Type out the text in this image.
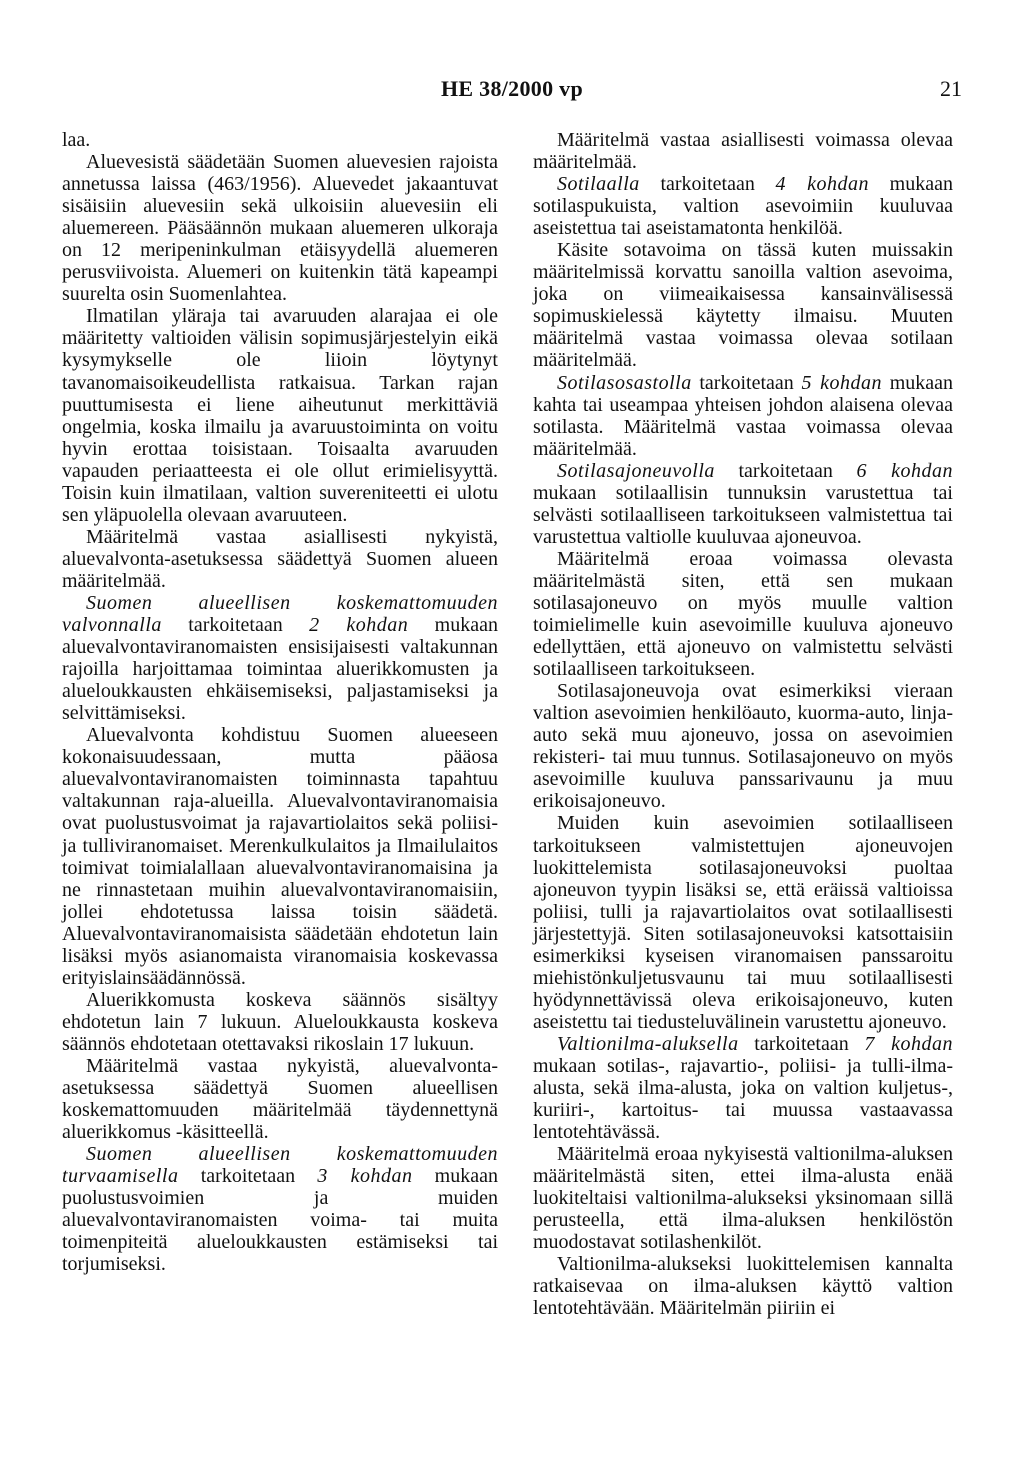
HE 38/2000 vp	21

laa.

Aluevesistä säädetään Suomen aluevesien rajoista annetussa laissa (463/1956). Aluevedet jakaantuvat sisäisiin aluevesiin sekä ulkoisiin aluevesiin eli aluemereen. Pääsäännön mukaan aluemeren ulkoraja on 12 meripeninkulman etäisyydellä aluemeren perusviivoista. Aluemeri on kuitenkin tätä kapeampi suurelta osin Suomenlahtea.

Ilmatilan yläraja tai avaruuden alarajaa ei ole määritetty valtioiden välisin sopimusjärjestelyin eikä kysymykselle ole liioin löytynyt tavanomaisoikeudellista ratkaisua. Tarkan rajan puuttumisesta ei liene aiheutunut merkittäviä ongelmia, koska ilmailu ja avaruustoiminta on voitu hyvin erottaa toisistaan. Toisaalta avaruuden vapauden periaatteesta ei ole ollut erimielisyyttä. Toisin kuin ilmatilaan, valtion suvereniteetti ei ulotu sen yläpuolella olevaan avaruuteen.

Määritelmä vastaa asiallisesti nykyistä, aluevalvonta-asetuksessa säädettyä Suomen alueen määritelmää.

Suomen alueellisen koskemattomuuden valvonnalla tarkoitetaan 2 kohdan mukaan aluevalvontaviranomaisten ensisijaisesti valtakunnan rajoilla harjoittamaa toimintaa aluerikkomusten ja alueloukkausten ehkäisemiseksi, paljastamiseksi ja selvittämiseksi.

Aluevalvonta kohdistuu Suomen alueeseen kokonaisuudessaan, mutta pääosa aluevalvontaviranomaisten toiminnasta tapahtuu valtakunnan raja-alueilla. Aluevalvontaviranomaisia ovat puolustusvoimat ja rajavartiolaitos sekä poliisi- ja tulliviranomaiset. Merenkulkulaitos ja Ilmailulaitos toimivat toimialallaan aluevalvontaviranomaisina ja ne rinnastetaan muihin aluevalvontaviranomaisiin, jollei ehdotetussa laissa toisin säädetä. Aluevalvontaviranomaisista säädetään ehdotetun lain lisäksi myös asianomaista viranomaisia koskevassa erityislainsäädännössä.

Aluerikkomusta koskeva säännös sisältyy ehdotetun lain 7 lukuun. Alueloukkausta koskeva säännös ehdotetaan otettavaksi rikoslain 17 lukuun.

Määritelmä vastaa nykyistä, aluevalvonta-asetuksessa säädettyä Suomen alueellisen koskemattomuuden määritelmää täydennettynä aluerikkomus -käsitteellä.

Suomen alueellisen koskemattomuuden turvaamisella tarkoitetaan 3 kohdan mukaan puolustusvoimien ja muiden aluevalvontaviranomaisten voima- tai muita toimenpiteitä alueloukkausten estämiseksi tai torjumiseksi.

Määritelmä vastaa asiallisesti voimassa olevaa määritelmää.

Sotilaalla tarkoitetaan 4 kohdan mukaan sotilaspukuista, valtion asevoimiin kuuluvaa aseistettua tai aseistamatonta henkilöä.

Käsite sotavoima on tässä kuten muissakin määritelmissä korvattu sanoilla valtion asevoima, joka on viimeaikaisessa kansainvälisessä sopimuskielessä käytetty ilmaisu. Muuten määritelmä vastaa voimassa olevaa sotilaan määritelmää.

Sotilasosastolla tarkoitetaan 5 kohdan mukaan kahta tai useampaa yhteisen johdon alaisena olevaa sotilasta. Määritelmä vastaa voimassa olevaa määritelmää.

Sotilasajoneuvolla tarkoitetaan 6 kohdan mukaan sotilaallisin tunnuksin varustettua tai selvästi sotilaalliseen tarkoitukseen valmistettua tai varustettua valtiolle kuuluvaa ajoneuvoa.

Määritelmä eroaa voimassa olevasta määritelmästä siten, että sen mukaan sotilasajoneuvo on myös muulle valtion toimielimelle kuin asevoimille kuuluva ajoneuvo edellyttäen, että ajoneuvo on valmistettu selvästi sotilaalliseen tarkoitukseen.

Sotilasajoneuvoja ovat esimerkiksi vieraan valtion asevoimien henkilöauto, kuorma-auto, linja-auto sekä muu ajoneuvo, jossa on asevoimien rekisteri- tai muu tunnus. Sotilasajoneuvo on myös asevoimille kuuluva panssarivaunu ja muu erikoisajoneuvo.

Muiden kuin asevoimien sotilaalliseen tarkoitukseen valmistettujen ajoneuvojen luokittelemista sotilasajoneuvoksi puoltaa ajoneuvon tyypin lisäksi se, että eräissä valtioissa poliisi, tulli ja rajavartiolaitos ovat sotilaallisesti järjestettyjä. Siten sotilasajoneuvoksi katsottaisiin esimerkiksi kyseisen viranomaisen panssaroitu miehistönkuljetusvaunu tai muu sotilaallisesti hyödynnettävissä oleva erikoisajoneuvo, kuten aseistettu tai tiedusteluvälinein varustettu ajoneuvo.

Valtionilma-aluksella tarkoitetaan 7 kohdan mukaan sotilas-, rajavartio-, poliisi- ja tulli-ilma-alusta, sekä ilma-alusta, joka on valtion kuljetus-, kuriiri-, kartoitus- tai muussa vastaavassa lentotehtävässä.

Määritelmä eroaa nykyisestä valtionilma-aluksen määritelmästä siten, ettei ilma-alusta enää luokiteltaisi valtionilma-alukseksi yksinomaan sillä perusteella, että ilma-aluksen henkilöstön muodostavat sotilashenkilöt.

Valtionilma-alukseksi luokittelemisen kannalta ratkaisevaa on ilma-aluksen käyttö valtion lentotehtävään. Määritelmän piiriin ei
